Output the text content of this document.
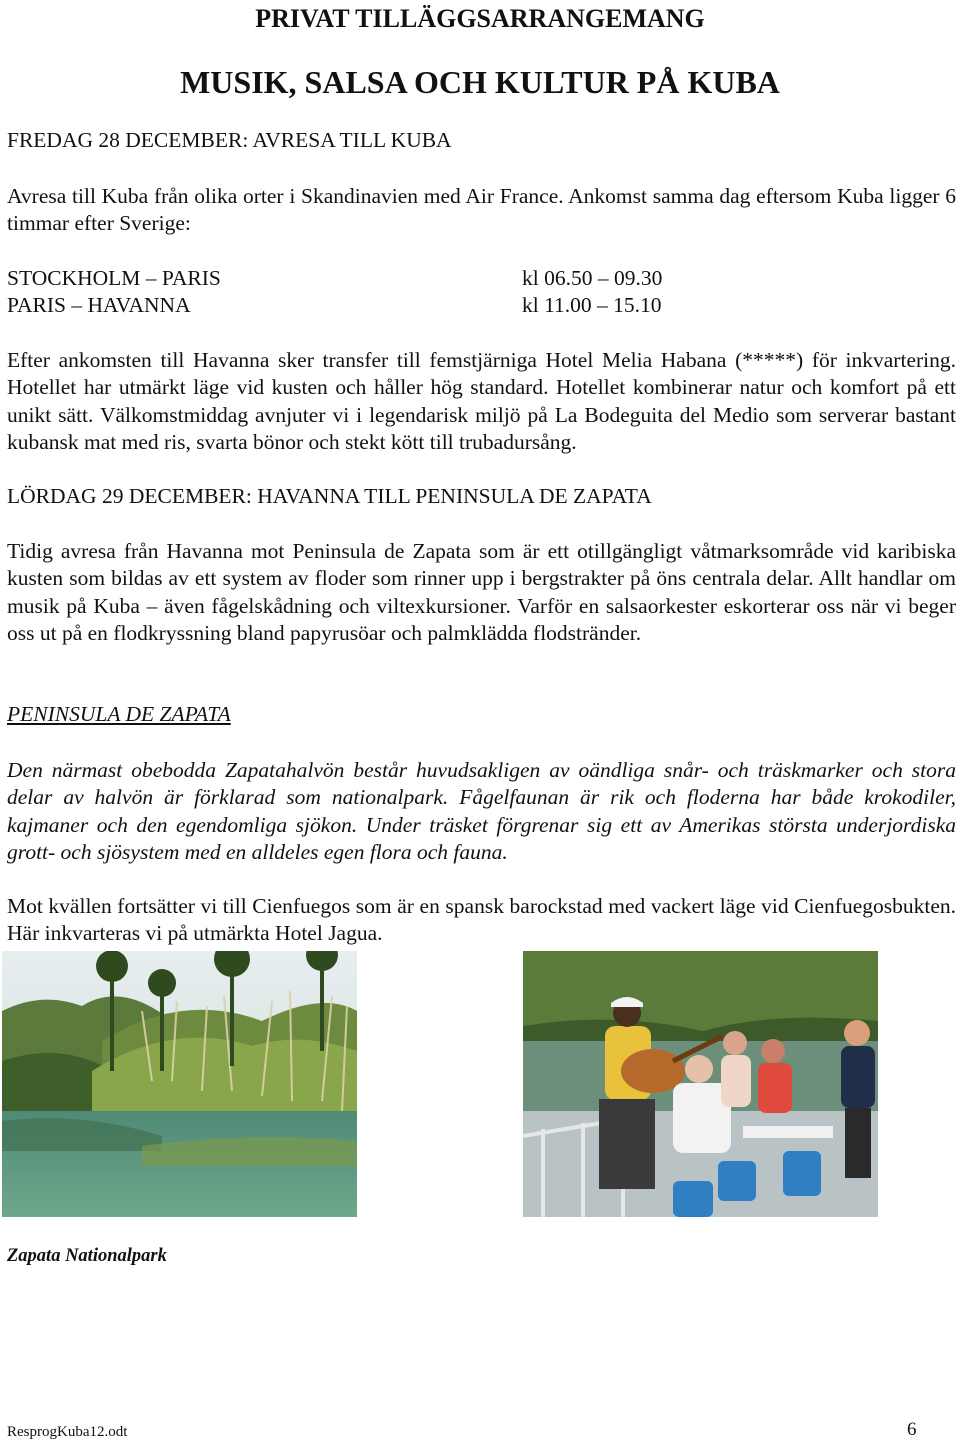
PRIVAT TILLÄGGSARRANGEMANG
MUSIK, SALSA OCH KULTUR PÅ KUBA
FREDAG 28 DECEMBER: AVRESA TILL KUBA
Avresa till Kuba från olika orter i Skandinavien med Air France. Ankomst samma dag eftersom Kuba ligger 6 timmar efter Sverige:
STOCKHOLM – PARIS	kl 06.50 – 09.30
PARIS – HAVANNA	kl 11.00 – 15.10
Efter ankomsten till Havanna sker transfer till femstjärniga Hotel Melia Habana (*****) för inkvartering. Hotellet har utmärkt läge vid kusten och håller hög standard. Hotellet kombinerar natur och komfort på ett unikt sätt. Välkomstmiddag avnjuter vi i legendarisk miljö på La Bodeguita del Medio som serverar bastant kubansk mat med ris, svarta bönor och stekt kött till trubadursång.
LÖRDAG 29 DECEMBER: HAVANNA TILL PENINSULA DE ZAPATA
Tidig avresa från Havanna mot Peninsula de Zapata som är ett otillgängligt våtmarksområde vid karibiska kusten som bildas av ett system av floder som rinner upp i bergstrakter på öns centrala delar. Allt handlar om musik på Kuba – även fågelskådning och viltexkursioner. Varför en salsaorkester eskorterar oss när vi beger oss ut på en flodkryssning bland papyrusöar och palmklädda flodstränder.
PENINSULA DE ZAPATA
Den närmast obebodda Zapatahalvön består huvudsakligen av oändliga snår- och träskmarker och stora delar av halvön är förklarad som nationalpark. Fågelfaunan är rik och floderna har både krokodiler, kajmaner och den egendomliga sjökon. Under träsket förgrenar sig ett av Amerikas största underjordiska grott- och sjösystem med en alldeles egen flora och fauna.
Mot kvällen fortsätter vi till Cienfuegos som är en spansk barockstad med vackert läge vid Cienfuegosbukten. Här inkvarteras vi på utmärkta Hotel Jagua.
Zapata Nationalpark
ResprogKuba12.odt	6
